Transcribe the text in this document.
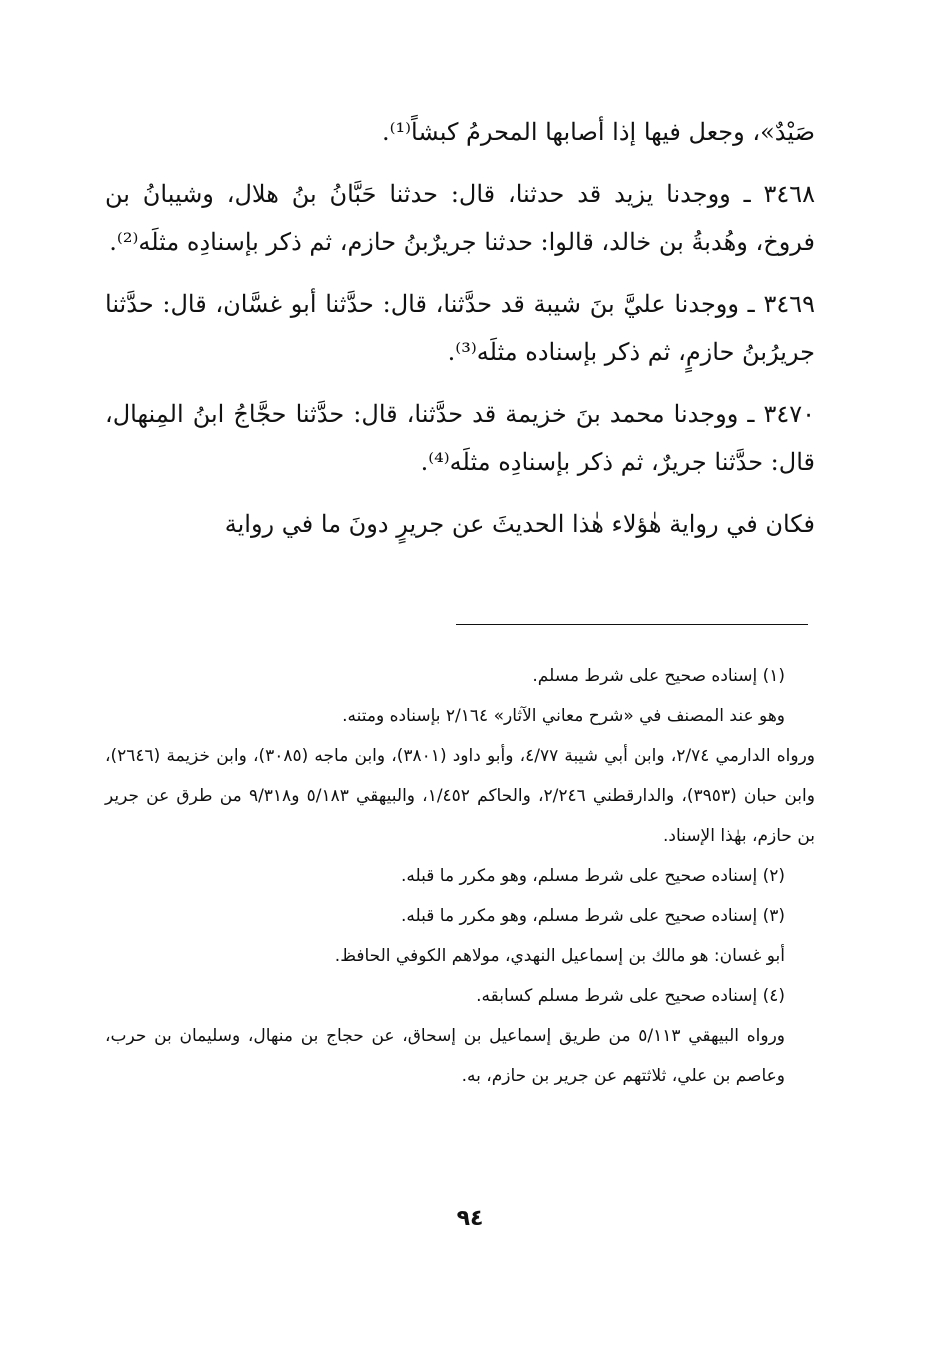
صَيْدٌ»، وجعل فيها إذا أصابها المحرمُ كبشاً⁽¹⁾.

٣٤٦٨ ـ ووجدنا يزيد قد حدثنا، قال: حدثنا حَبَّانُ بنُ هلال، وشيبانُ بن فروخ، وهُدبةُ بن خالد، قالوا: حدثنا جريرٌبنُ حازم، ثم ذكر بإسنادِه مثلَه⁽²⁾.

٣٤٦٩ ـ ووجدنا عليَّ بنَ شيبة قد حدَّثنا، قال: حدَّثنا أبو غسَّان، قال: حدَّثنا جريرُبنُ حازمٍ، ثم ذكر بإسناده مثلَه⁽³⁾.

٣٤٧٠ ـ ووجدنا محمد بنَ خزيمة قد حدَّثنا، قال: حدَّثنا حجَّاجُ ابنُ المِنهال، قال: حدَّثنا جريرٌ، ثم ذكر بإسنادِه مثلَه⁽⁴⁾.

فكان في رواية هٰؤلاء هٰذا الحديثَ عن جريرٍ دونَ ما في رواية

(١) إسناده صحيح على شرط مسلم.

وهو عند المصنف في «شرح معاني الآثار» ٢/١٦٤ بإسناده ومتنه.

ورواه الدارمي ٢/٧٤، وابن أبي شيبة ٤/٧٧، وأبو داود (٣٨٠١)، وابن ماجه (٣٠٨٥)، وابن خزيمة (٢٦٤٦)، وابن حبان (٣٩٥٣)، والدارقطني ٢/٢٤٦، والحاكم ١/٤٥٢، والبيهقي ٥/١٨٣ و٩/٣١٨ من طرق عن جرير بن حازم، بهٰذا الإسناد.

(٢) إسناده صحيح على شرط مسلم، وهو مكرر ما قبله.

(٣) إسناده صحيح على شرط مسلم، وهو مكرر ما قبله.

أبو غسان: هو مالك بن إسماعيل النهدي، مولاهم الكوفي الحافظ.

(٤) إسناده صحيح على شرط مسلم كسابقه.

ورواه البيهقي ٥/١١٣ من طريق إسماعيل بن إسحاق، عن حجاج بن منهال، وسليمان بن حرب، وعاصم بن علي، ثلاثتهم عن جرير بن حازم، به.

٩٤
